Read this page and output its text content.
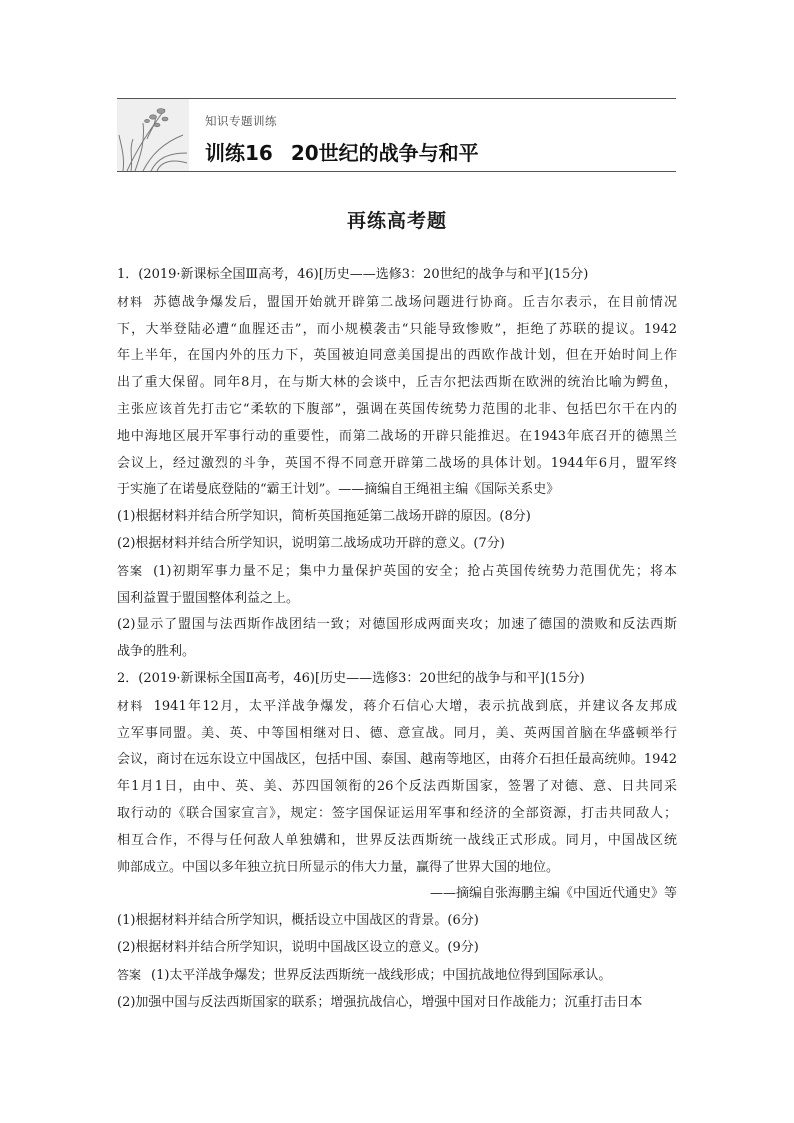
知识专题训练
训练16 20世纪的战争与和平
再练高考题

1．(2019·新课标全国Ⅲ高考，46)[历史——选修3：20世纪的战争与和平](15分)

材料 苏德战争爆发后，盟国开始就开辟第二战场问题进行协商。丘吉尔表示，在目前情况

下，大举登陆必遭“血腥还击”，而小规模袭击“只能导致惨败”，拒绝了苏联的提议。1942

年上半年，在国内外的压力下，英国被迫同意美国提出的西欧作战计划，但在开始时间上作

出了重大保留。同年8月，在与斯大林的会谈中，丘吉尔把法西斯在欧洲的统治比喻为鳄鱼，

主张应该首先打击它“柔软的下腹部”，强调在英国传统势力范围的北非、包括巴尔干在内的

地中海地区展开军事行动的重要性，而第二战场的开辟只能推迟。在1943年底召开的德黑兰

会议上，经过激烈的斗争，英国不得不同意开辟第二战场的具体计划。1944年6月，盟军终

于实施了在诺曼底登陆的“霸王计划”。——摘编自王绳祖主编《国际关系史》

(1)根据材料并结合所学知识，简析英国拖延第二战场开辟的原因。(8分)

(2)根据材料并结合所学知识，说明第二战场成功开辟的意义。(7分)

答案 (1)初期军事力量不足；集中力量保护英国的安全；抢占英国传统势力范围优先；将本

国利益置于盟国整体利益之上。

(2)显示了盟国与法西斯作战团结一致；对德国形成两面夹攻；加速了德国的溃败和反法西斯

战争的胜利。

2．(2019·新课标全国Ⅱ高考，46)[历史——选修3：20世纪的战争与和平](15分)

材料 1941年12月，太平洋战争爆发，蒋介石信心大增，表示抗战到底，并建议各友邦成

立军事同盟。美、英、中等国相继对日、德、意宣战。同月，美、英两国首脑在华盛顿举行

会议，商讨在远东设立中国战区，包括中国、泰国、越南等地区，由蒋介石担任最高统帅。1942

年1月1日，由中、英、美、苏四国领衔的26个反法西斯国家，签署了对德、意、日共同采

取行动的《联合国家宣言》，规定：签字国保证运用军事和经济的全部资源，打击共同敌人；

相互合作，不得与任何敌人单独媾和，世界反法西斯统一战线正式形成。同月，中国战区统

帅部成立。中国以多年独立抗日所显示的伟大力量，赢得了世界大国的地位。

——摘编自张海鹏主编《中国近代通史》等

(1)根据材料并结合所学知识，概括设立中国战区的背景。(6分)

(2)根据材料并结合所学知识，说明中国战区设立的意义。(9分)

答案 (1)太平洋战争爆发；世界反法西斯统一战线形成；中国抗战地位得到国际承认。

(2)加强中国与反法西斯国家的联系；增强抗战信心，增强中国对日作战能力；沉重打击日本
